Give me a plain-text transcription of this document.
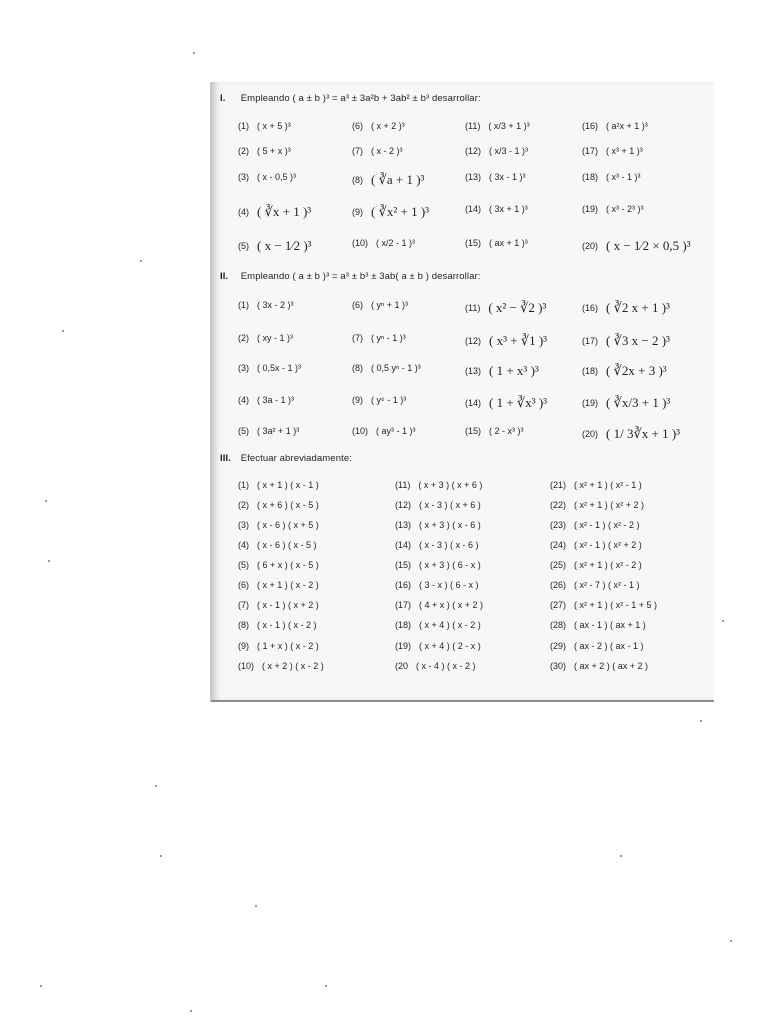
I. Empleando ( a ± b )³ = a³ ± 3a²b + 3ab² ± b³ desarrollar:
II. Empleando ( a ± b )³ = a³ ± b³ ± 3ab( a ± b ) desarrollar:
III. Efectuar abreviadamente:
(1) ( x + 5 )³
(2) ( 5 + x )³
(3) ( x - 0,5 )³
(4) ( ∛x + 1 )³
(5) ( x − 1⁄2 )³
(6) ( x + 2 )³
(7) ( x - 2 )³
(8) ( ∛a + 1 )³
(9) ( ∛x² + 1 )³
(10) ( x/2 - 1 )³
(11) ( x/3 + 1 )³
(12) ( x/3 - 1 )³
(13) ( 3x - 1 )³
(14) ( 3x + 1 )³
(15) ( ax + 1 )³
(16) ( a²x + 1 )³
(17) ( x³ + 1 )³
(18) ( x³ - 1 )³
(19) ( x³ - 2³ )³
(20) ( x − 1⁄2 × 0,5 )³
(1) ( 3x - 2 )³
(2) ( xy - 1 )³
(3) ( 0,5x - 1 )³
(4) ( 3a - 1 )³
(5) ( 3a² + 1 )³
(6) ( yⁿ + 1 )³
(7) ( yⁿ - 1 )³
(8) ( 0,5 yⁿ - 1 )³
(9) ( y⁶ - 1 )³
(10) ( ay³ - 1 )³
(11) ( x² − ∛2 )³
(12) ( x³ + ∛1 )³
(13) ( 1 + x³ )³
(14) ( 1 + ∛x³ )³
(15) ( 2 - x³ )³
(16) ( ∛2 x + 1 )³
(17) ( ∛3 x − 2 )³
(18) ( ∛2x + 3 )³
(19) ( ∛x/3 + 1 )³
(20) ( 1/ 3∛x + 1 )³
(1) ( x + 1 ) ( x - 1 )
(2) ( x + 6 ) ( x - 5 )
(3) ( x - 6 ) ( x + 5 )
(4) ( x - 6 ) ( x - 5 )
(5) ( 6 + x ) ( x - 5 )
(6) ( x + 1 ) ( x - 2 )
(7) ( x - 1 ) ( x + 2 )
(8) ( x - 1 ) ( x - 2 )
(9) ( 1 + x ) ( x - 2 )
(10) ( x + 2 ) ( x - 2 )
(11) ( x + 3 ) ( x + 6 )
(12) ( x - 3 ) ( x + 6 )
(13) ( x + 3 ) ( x - 6 )
(14) ( x - 3 ) ( x - 6 )
(15) ( x + 3 ) ( 6 - x )
(16) ( 3 - x ) ( 6 - x )
(17) ( 4 + x ) ( x + 2 )
(18) ( x + 4 ) ( x - 2 )
(19) ( x + 4 ) ( 2 - x )
(20 ( x - 4 ) ( x - 2 )
(21) ( x² + 1 ) ( x² - 1 )
(22) ( x² + 1 ) ( x² + 2 )
(23) ( x² - 1 ) ( x² - 2 )
(24) ( x² - 1 ) ( x² + 2 )
(25) ( x² + 1 ) ( x² - 2 )
(26) ( x² - 7 ) ( x² - 1 )
(27) ( x² + 1 ) ( x² - 1 + 5 )
(28) ( ax - 1 ) ( ax + 1 )
(29) ( ax - 2 ) ( ax - 1 )
(30) ( ax + 2 ) ( ax + 2 )
